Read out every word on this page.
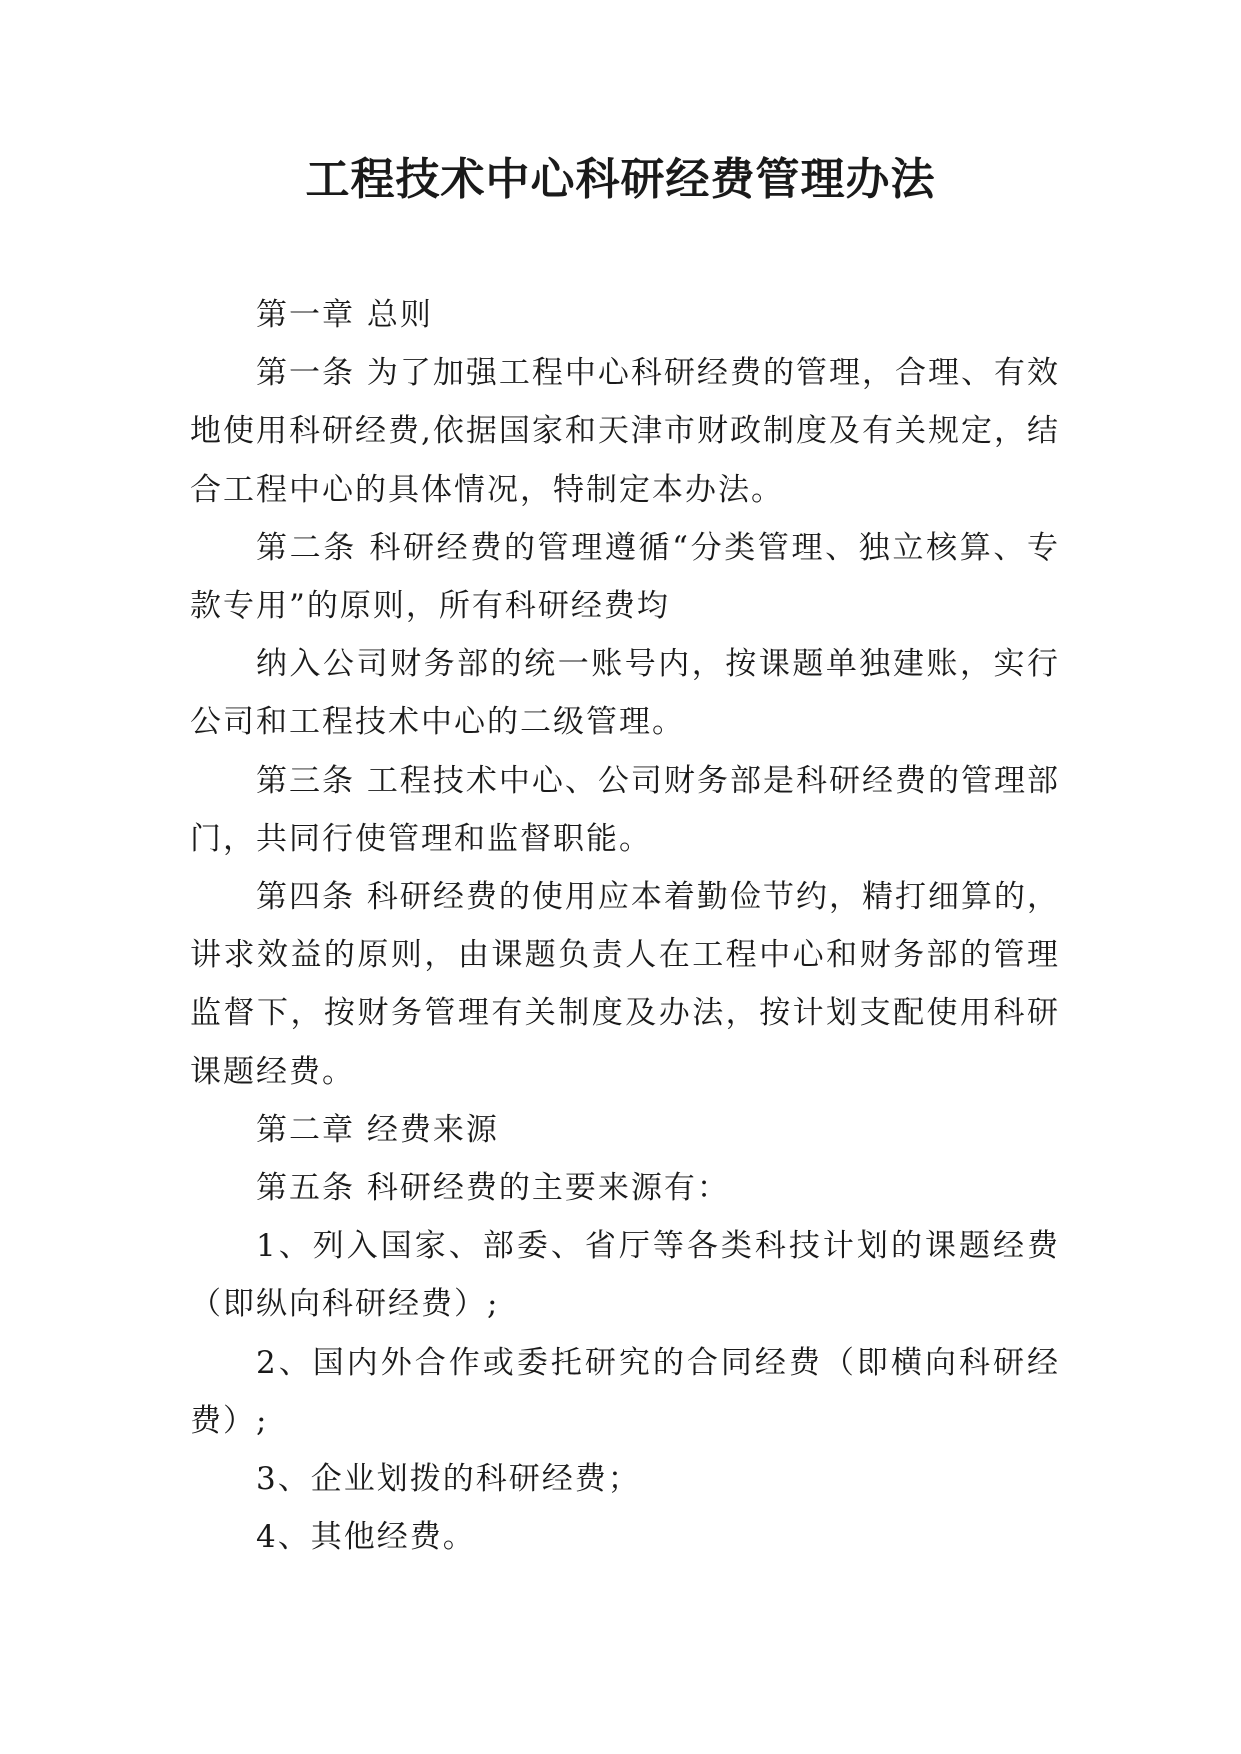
工程技术中心科研经费管理办法

第一章 总则

第一条 为了加强工程中心科研经费的管理，合理、有效地使用科研经费,依据国家和天津市财政制度及有关规定，结合工程中心的具体情况，特制定本办法。

第二条 科研经费的管理遵循“分类管理、独立核算、专款专用”的原则，所有科研经费均

纳入公司财务部的统一账号内，按课题单独建账，实行公司和工程技术中心的二级管理。

第三条 工程技术中心、公司财务部是科研经费的管理部门，共同行使管理和监督职能。

第四条 科研经费的使用应本着勤俭节约，精打细算的，讲求效益的原则，由课题负责人在工程中心和财务部的管理监督下，按财务管理有关制度及办法，按计划支配使用科研课题经费。

第二章 经费来源

第五条 科研经费的主要来源有：

1、列入国家、部委、省厅等各类科技计划的课题经费（即纵向科研经费）;

2、国内外合作或委托研究的合同经费（即横向科研经费）;

3、企业划拨的科研经费；

4、其他经费。
